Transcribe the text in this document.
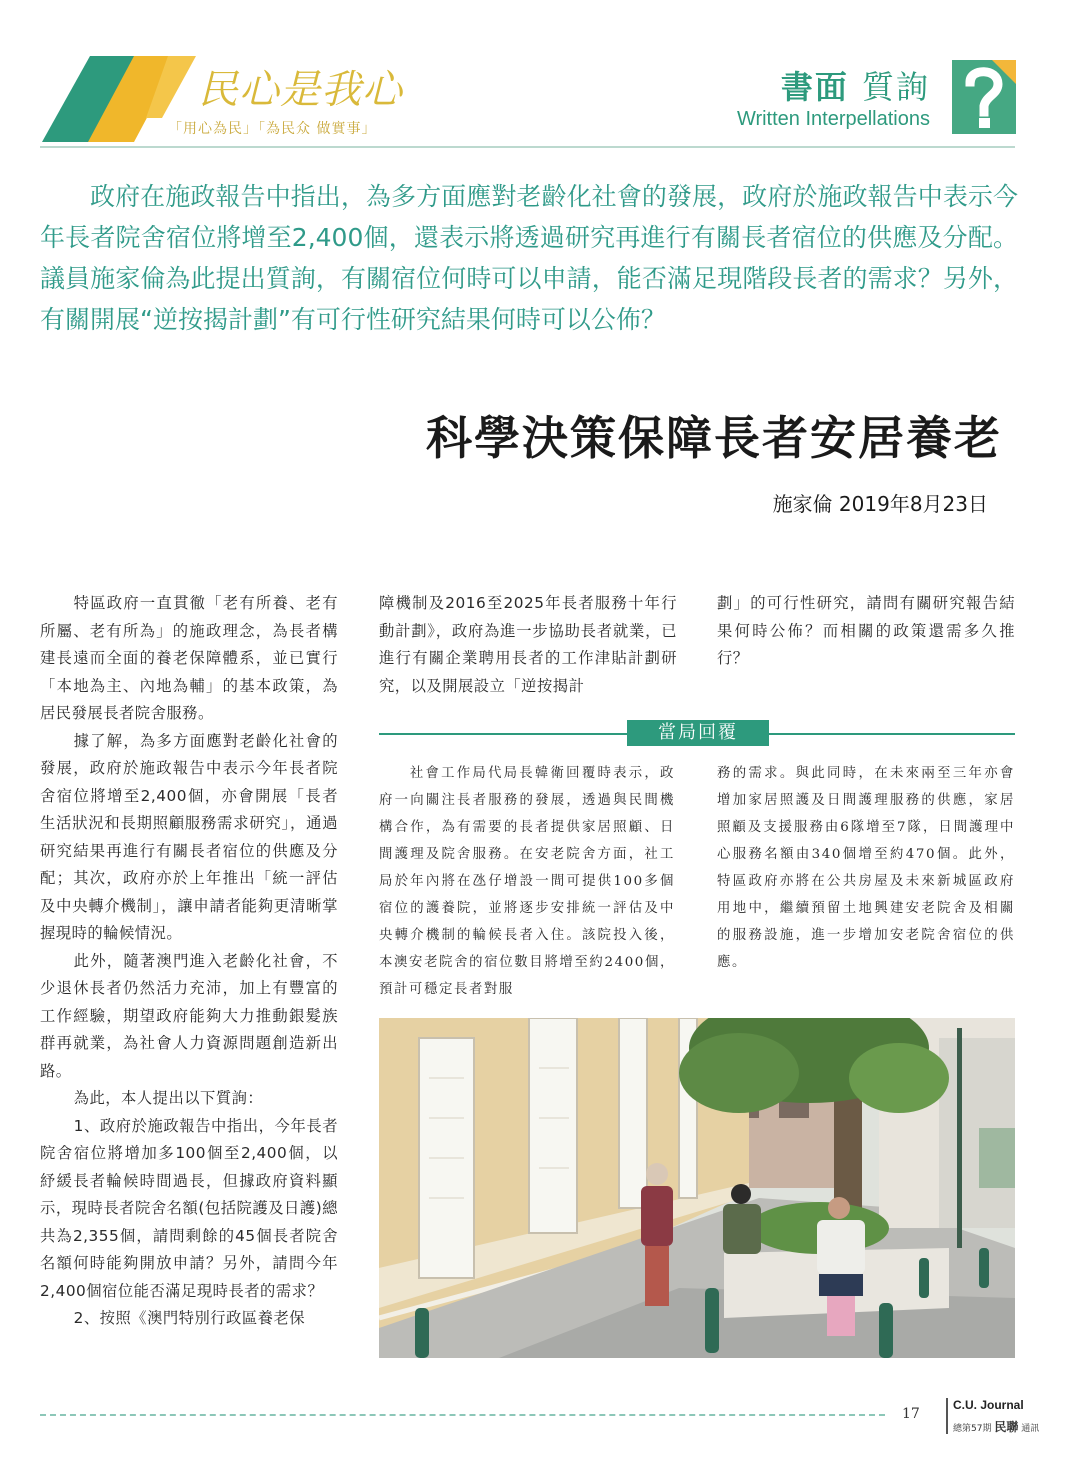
民心是我心
「用心為民」「為民众 做實事」
書面 質詢
Written Interpellations
政府在施政報告中指出，為多方面應對老齡化社會的發展，政府於施政報告中表示今年長者院舍宿位將增至2,400個，還表示將透過研究再進行有關長者宿位的供應及分配。議員施家倫為此提出質詢，有關宿位何時可以申請，能否滿足現階段長者的需求？另外，有關開展“逆按揭計劃”有可行性研究結果何時可以公佈？
科學決策保障長者安居養老
施家倫 2019年8月23日

特區政府一直貫徹「老有所養、老有所屬、老有所為」的施政理念，為長者構建長遠而全面的養老保障體系，並已實行「本地為主、內地為輔」的基本政策，為居民發展長者院舍服務。

據了解，為多方面應對老齡化社會的發展，政府於施政報告中表示今年長者院舍宿位將增至2,400個，亦會開展「長者生活狀況和長期照顧服務需求研究」，通過研究結果再進行有關長者宿位的供應及分配；其次，政府亦於上年推出「統一評估及中央轉介機制」，讓申請者能夠更清晰掌握現時的輪候情況。

此外，隨著澳門進入老齡化社會，不少退休長者仍然活力充沛，加上有豐富的工作經驗，期望政府能夠大力推動銀髮族群再就業，為社會人力資源問題創造新出路。

為此，本人提出以下質詢：

1、政府於施政報告中指出，今年長者院舍宿位將增加多100個至2,400個，以紓緩長者輪候時間過長，但據政府資料顯示，現時長者院舍名額(包括院護及日護)總共為2,355個，請問剩餘的45個長者院舍名額何時能夠開放申請？另外，請問今年2,400個宿位能否滿足現時長者的需求？

2、按照《澳門特別行政區養老保

障機制及2016至2025年長者服務十年行動計劃》，政府為進一步協助長者就業，已進行有關企業聘用長者的工作津貼計劃研究，以及開展設立「逆按揭計

劃」的可行性研究，請問有關研究報告結果何時公佈？而相關的政策還需多久推行？

當局回覆

社會工作局代局長韓衛回覆時表示，政府一向關注長者服務的發展，透過與民間機構合作，為有需要的長者提供家居照顧、日間護理及院舍服務。在安老院舍方面，社工局於年內將在氹仔增設一間可提供100多個宿位的護養院，並將逐步安排統一評估及中央轉介機制的輪候長者入住。該院投入後，本澳安老院舍的宿位數目將增至約2400個，預計可穩定長者對服

務的需求。與此同時，在未來兩至三年亦會增加家居照護及日間護理服務的供應，家居照顧及支援服務由6隊增至7隊，日間護理中心服務名額由340個增至約470個。此外，特區政府亦將在公共房屋及未來新城區政府用地中，繼續預留土地興建安老院舍及相關的服務設施，進一步增加安老院舍宿位的供應。

17
C.U. Journal
總第57期 民聯 通訊
